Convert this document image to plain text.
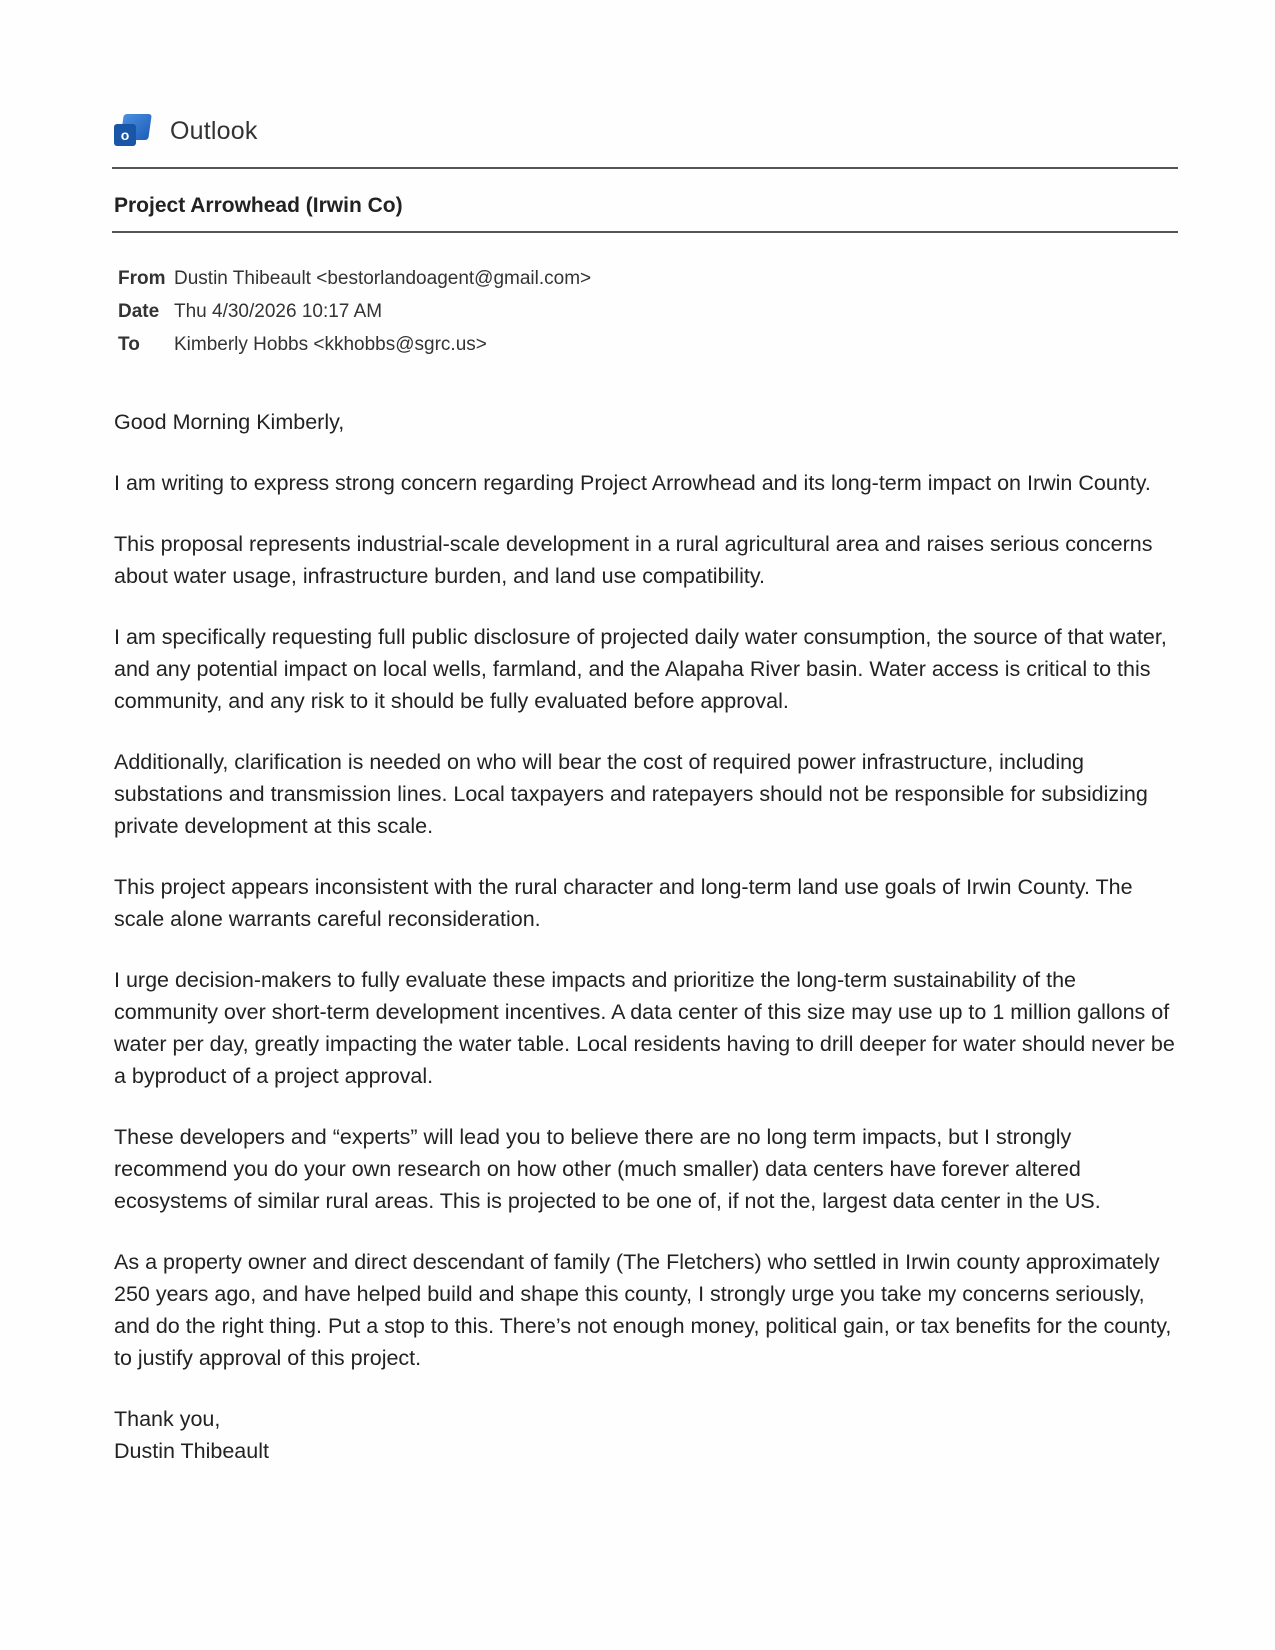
o Outlook
Project Arrowhead (Irwin Co)
From Dustin Thibeault <bestorlandoagent@gmail.com>
Date Thu 4/30/2026 10:17 AM
To	Kimberly Hobbs <kkhobbs@sgrc.us>

Good Morning Kimberly,

I am writing to express strong concern regarding Project Arrowhead and its long-term impact on Irwin County.

This proposal represents industrial-scale development in a rural agricultural area and raises serious concerns about water usage, infrastructure burden, and land use compatibility.

I am specifically requesting full public disclosure of projected daily water consumption, the source of that water, and any potential impact on local wells, farmland, and the Alapaha River basin. Water access is critical to this community, and any risk to it should be fully evaluated before approval.

Additionally, clarification is needed on who will bear the cost of required power infrastructure, including substations and transmission lines. Local taxpayers and ratepayers should not be responsible for subsidizing private development at this scale.

This project appears inconsistent with the rural character and long-term land use goals of Irwin County. The scale alone warrants careful reconsideration.

I urge decision-makers to fully evaluate these impacts and prioritize the long-term sustainability of the community over short-term development incentives. A data center of this size may use up to 1 million gallons of water per day, greatly impacting the water table. Local residents having to drill deeper for water should never be a byproduct of a project approval.

These developers and “experts” will lead you to believe there are no long term impacts, but I strongly recommend you do your own research on how other (much smaller) data centers have forever altered ecosystems of similar rural areas. This is projected to be one of, if not the, largest data center in the US.

As a property owner and direct descendant of family (The Fletchers) who settled in Irwin county approximately 250 years ago, and have helped build and shape this county, I strongly urge you take my concerns seriously, and do the right thing. Put a stop to this. There’s not enough money, political gain, or tax benefits for the county, to justify approval of this project.

Thank you,
Dustin Thibeault
